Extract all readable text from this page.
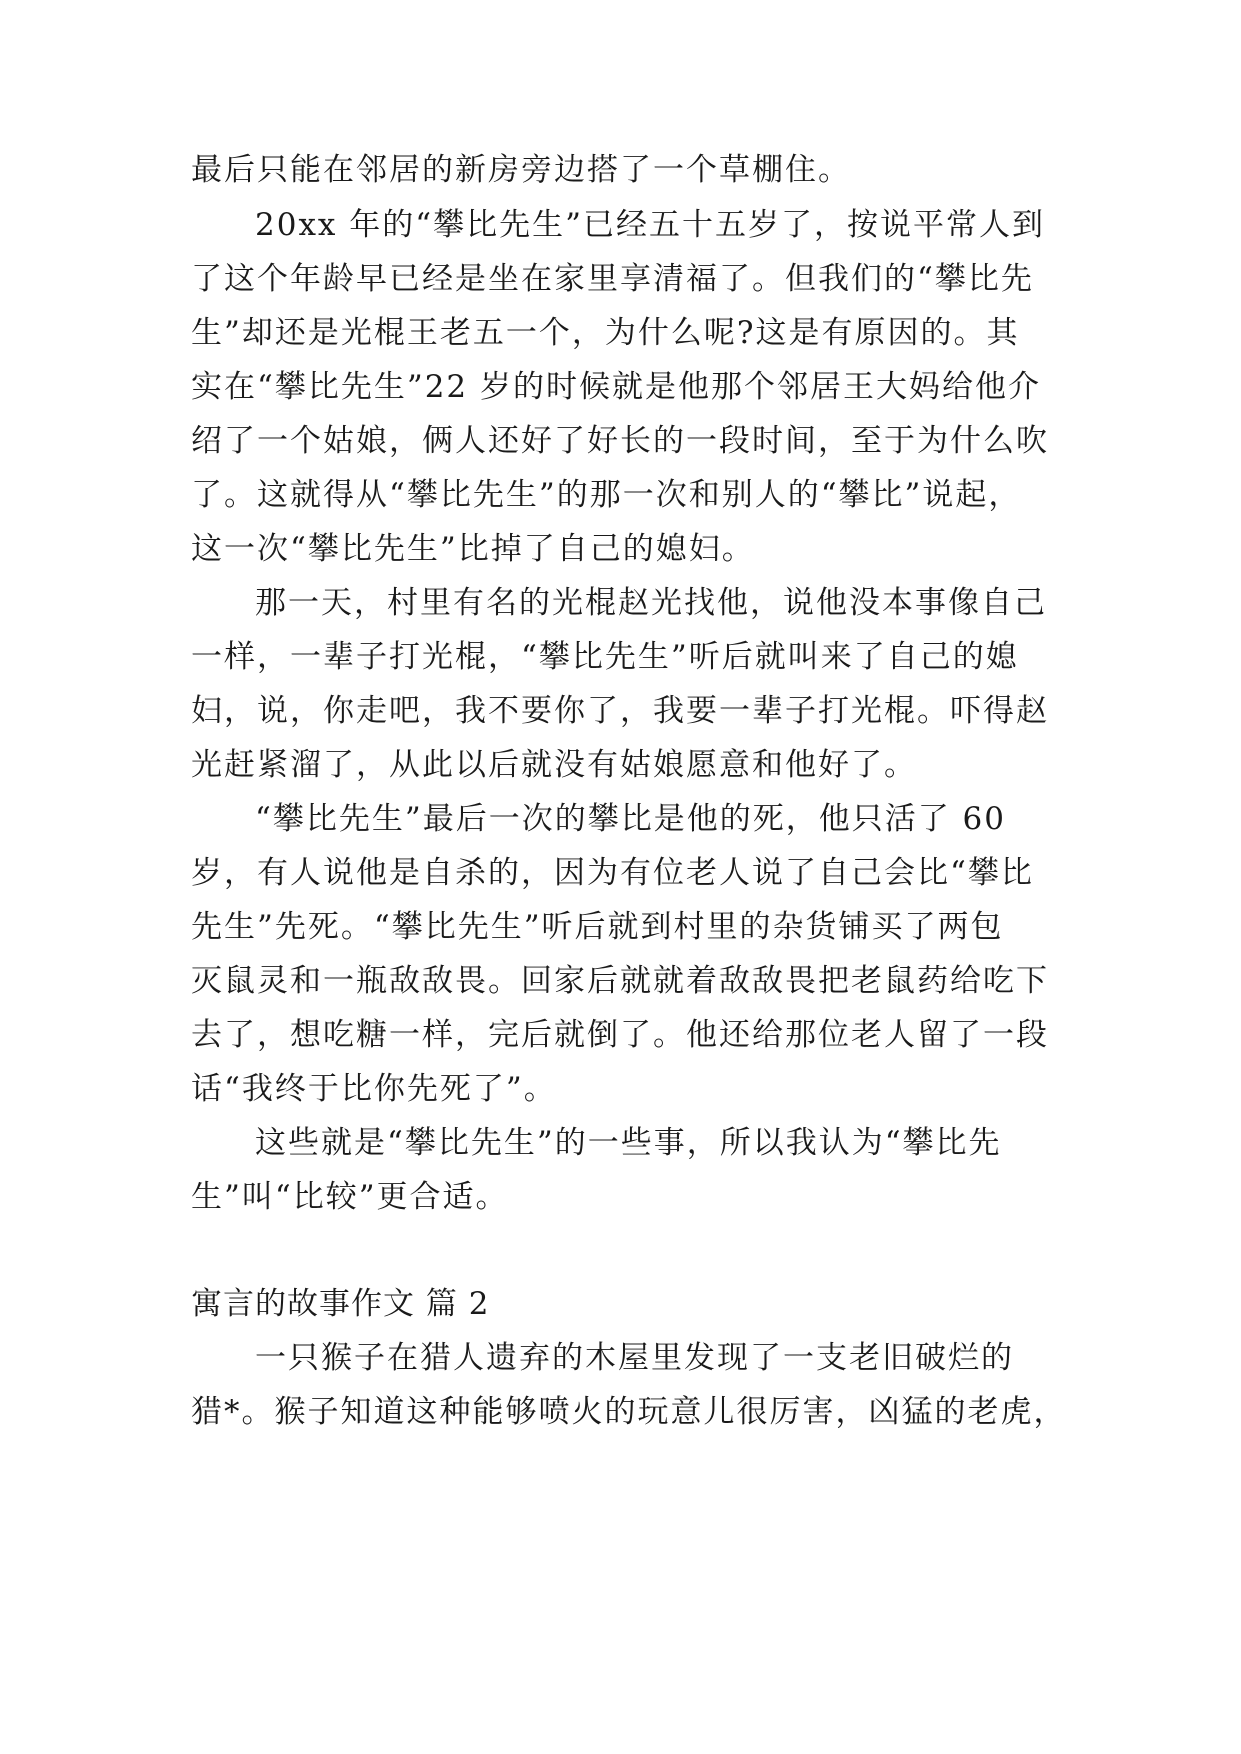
最后只能在邻居的新房旁边搭了一个草棚住。
20xx 年的“攀比先生”已经五十五岁了，按说平常人到
了这个年龄早已经是坐在家里享清福了。但我们的“攀比先
生”却还是光棍王老五一个，为什么呢?这是有原因的。其
实在“攀比先生”22 岁的时候就是他那个邻居王大妈给他介
绍了一个姑娘，俩人还好了好长的一段时间，至于为什么吹
了。这就得从“攀比先生”的那一次和别人的“攀比”说起，
这一次“攀比先生”比掉了自己的媳妇。
那一天，村里有名的光棍赵光找他，说他没本事像自己
一样，一辈子打光棍，“攀比先生”听后就叫来了自己的媳
妇，说，你走吧，我不要你了，我要一辈子打光棍。吓得赵
光赶紧溜了，从此以后就没有姑娘愿意和他好了。
“攀比先生”最后一次的攀比是他的死，他只活了 60
岁，有人说他是自杀的，因为有位老人说了自己会比“攀比
先生”先死。“攀比先生”听后就到村里的杂货铺买了两包
灭鼠灵和一瓶敌敌畏。回家后就就着敌敌畏把老鼠药给吃下
去了，想吃糖一样，完后就倒了。他还给那位老人留了一段
话“我终于比你先死了”。
这些就是“攀比先生”的一些事，所以我认为“攀比先
生”叫“比较”更合适。
寓言的故事作文 篇 2
一只猴子在猎人遗弃的木屋里发现了一支老旧破烂的
猎*。猴子知道这种能够喷火的玩意儿很厉害，凶猛的老虎，
